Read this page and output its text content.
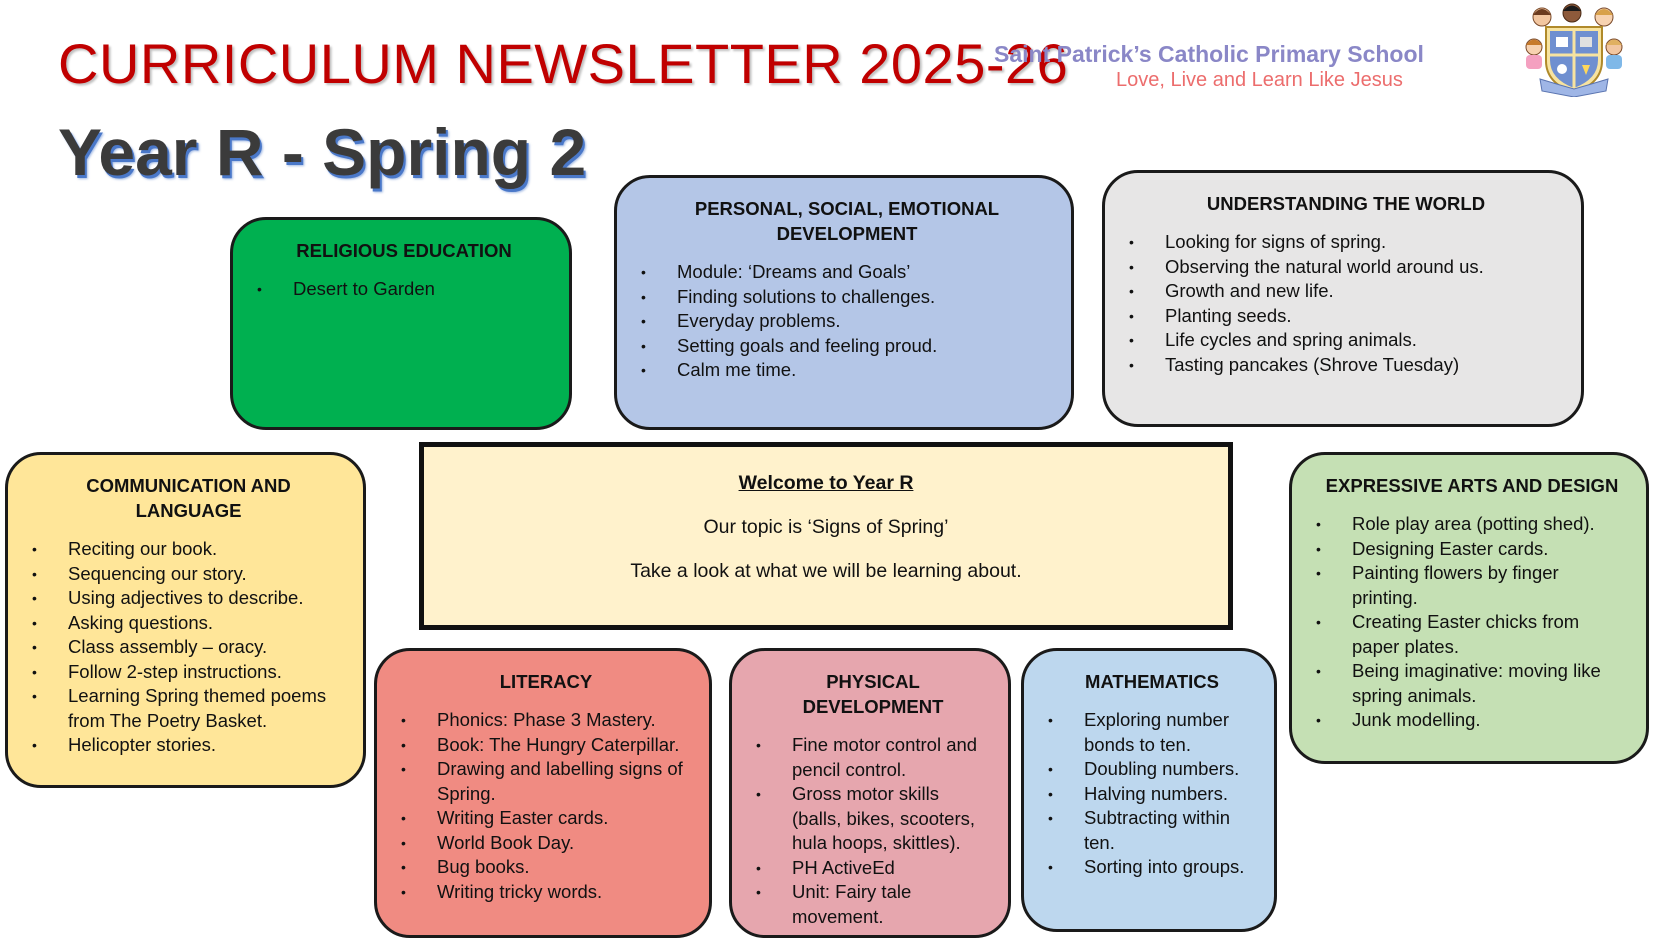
CURRICULUM NEWSLETTER 2025-26
Year R - Spring 2
Saint Patrick’s Catholic Primary School
Love, Live and Learn Like Jesus
RELIGIOUS EDUCATION
• Desert to Garden
PERSONAL, SOCIAL, EMOTIONAL DEVELOPMENT
• Module: ‘Dreams and Goals’
• Finding solutions to challenges.
• Everyday problems.
• Setting goals and feeling proud.
• Calm me time.
UNDERSTANDING THE WORLD
• Looking for signs of spring.
• Observing the natural world around us.
• Growth and new life.
• Planting seeds.
• Life cycles and spring animals.
• Tasting pancakes (Shrove Tuesday)
Welcome to Year R

Our topic is ‘Signs of Spring’

Take a look at what we will be learning about.

COMMUNICATION AND LANGUAGE
• Reciting our book.
• Sequencing our story.
• Using adjectives to describe.
• Asking questions.
• Class assembly – oracy.
• Follow 2-step instructions.
• Learning Spring themed poems from The Poetry Basket.
• Helicopter stories.
EXPRESSIVE ARTS AND DESIGN
• Role play area (potting shed).
• Designing Easter cards.
• Painting flowers by finger printing.
• Creating Easter chicks from paper plates.
• Being imaginative: moving like spring animals.
• Junk modelling.
LITERACY
• Phonics: Phase 3 Mastery.
• Book: The Hungry Caterpillar.
• Drawing and labelling signs of Spring.
• Writing Easter cards.
• World Book Day.
• Bug books.
• Writing tricky words.
PHYSICAL DEVELOPMENT
• Fine motor control and pencil control.
• Gross motor skills (balls, bikes, scooters, hula hoops, skittles).
• PH ActiveEd
• Unit: Fairy tale movement.
MATHEMATICS
• Exploring number bonds to ten.
• Doubling numbers.
• Halving numbers.
• Subtracting within ten.
• Sorting into groups.
